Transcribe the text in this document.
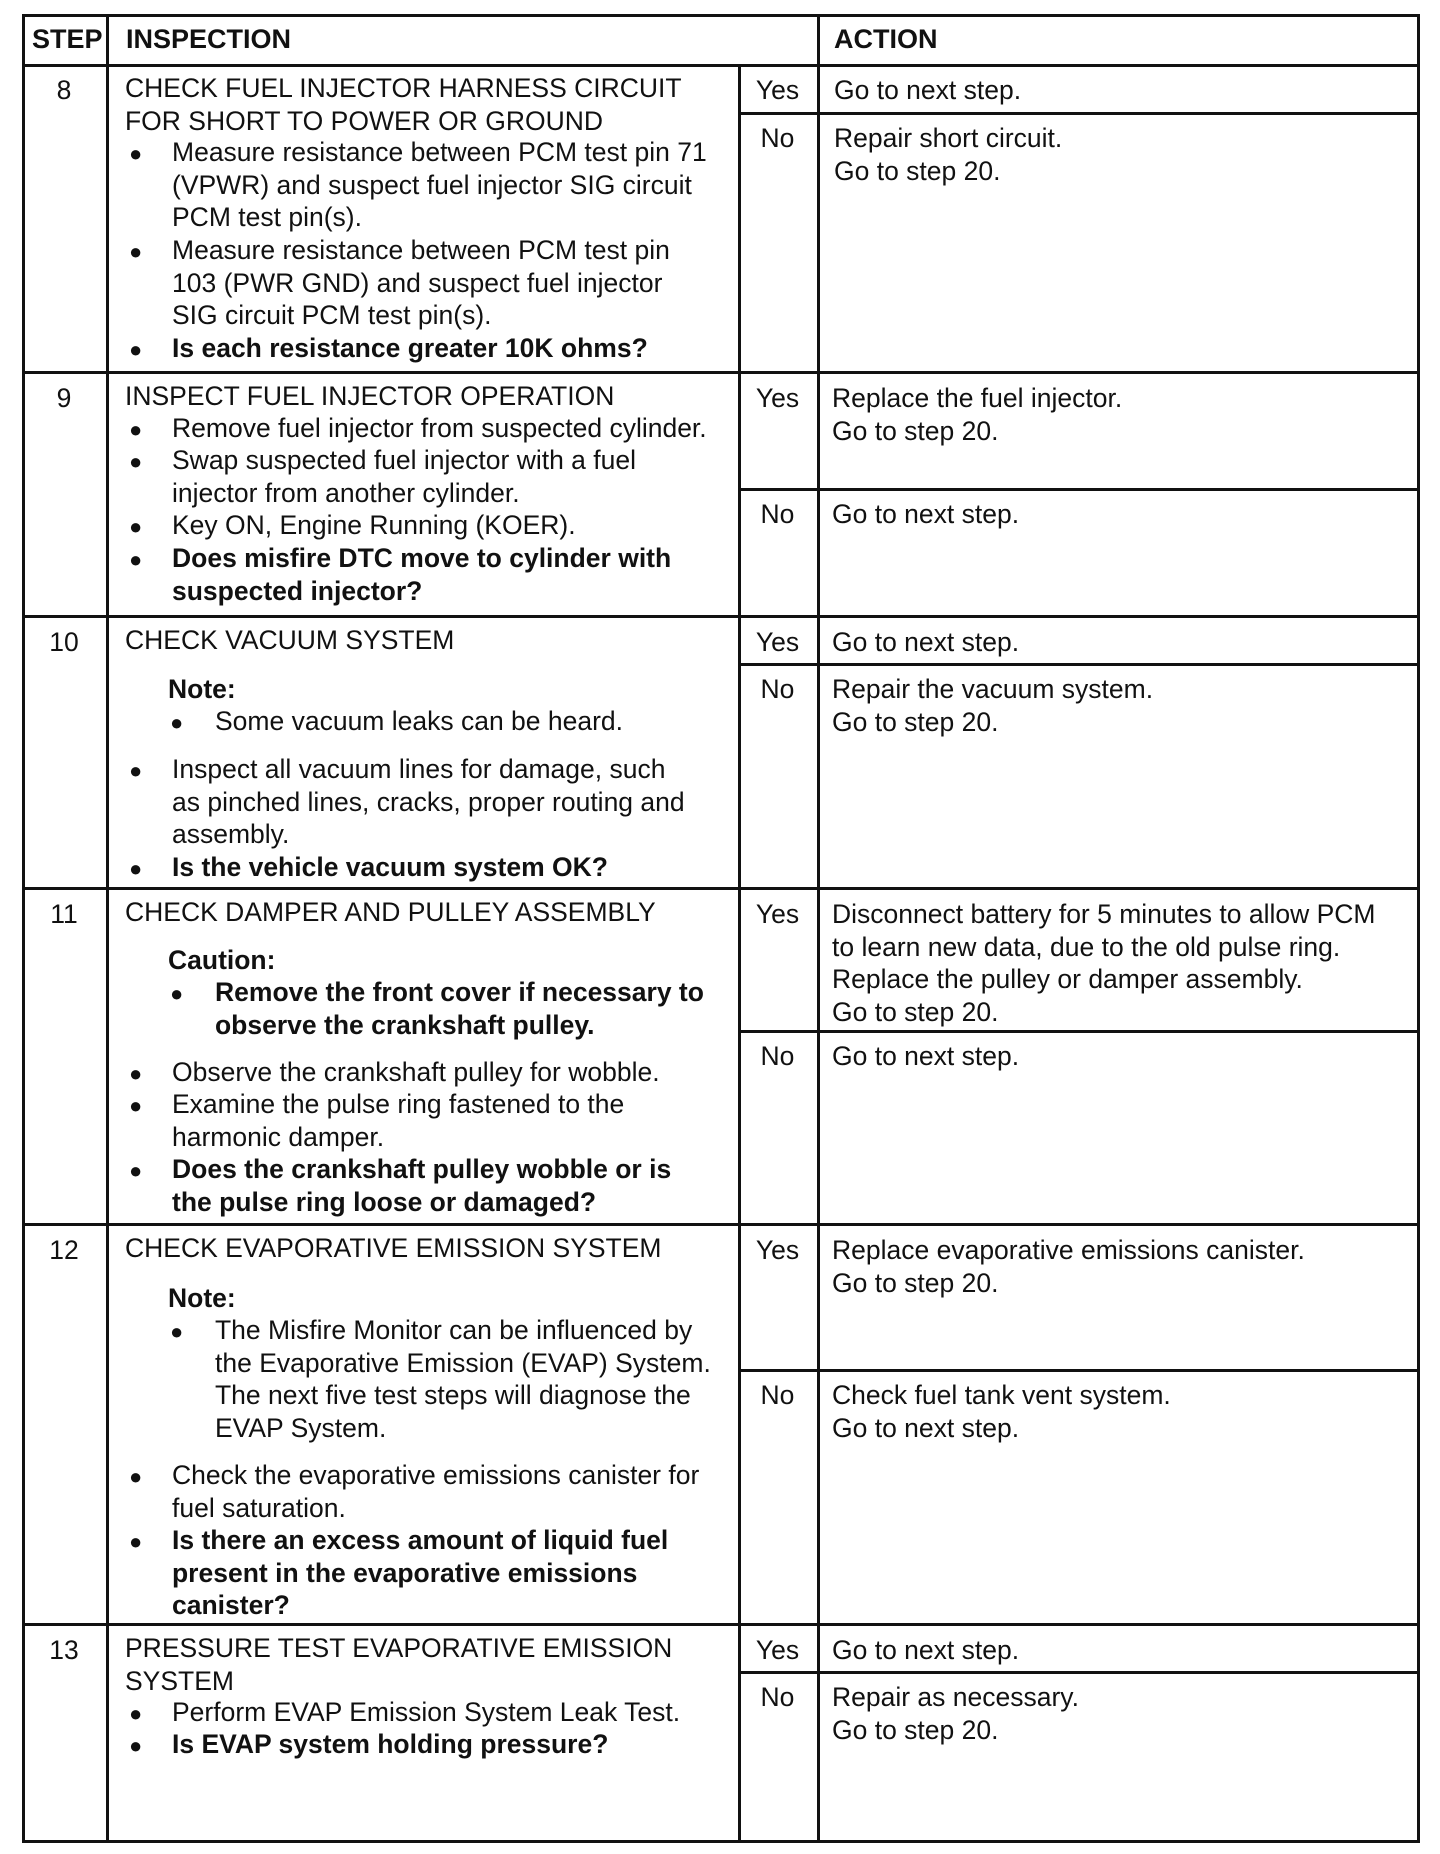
STEP INSPECTION	ACTION
8	CHECK FUEL INJECTOR HARNESS CIRCUIT
FOR SHORT TO POWER OR GROUND
● Measure resistance between PCM test pin 71
(VPWR) and suspect fuel injector SIG circuit
PCM test pin(s).
● Measure resistance between PCM test pin
103 (PWR GND) and suspect fuel injector
SIG circuit PCM test pin(s).
● Is each resistance greater 10K ohms?
Yes	Go to next step.
No	Repair short circuit.
Go to step 20.
9	INSPECT FUEL INJECTOR OPERATION
● Remove fuel injector from suspected cylinder.
● Swap suspected fuel injector with a fuel
injector from another cylinder.
● Key ON, Engine Running (KOER).
● Does misfire DTC move to cylinder with
suspected injector?
Yes	Replace the fuel injector.
Go to step 20.
No	Go to next step.
10	CHECK VACUUM SYSTEM
Note:
● Some vacuum leaks can be heard.
● Inspect all vacuum lines for damage, such
as pinched lines, cracks, proper routing and
assembly.
● Is the vehicle vacuum system OK?
Yes	Go to next step.
No	Repair the vacuum system.
Go to step 20.
11	CHECK DAMPER AND PULLEY ASSEMBLY
Caution:
● Remove the front cover if necessary to
observe the crankshaft pulley.
● Observe the crankshaft pulley for wobble.
● Examine the pulse ring fastened to the
harmonic damper.
● Does the crankshaft pulley wobble or is
the pulse ring loose or damaged?
Yes	Disconnect battery for 5 minutes to allow PCM
to learn new data, due to the old pulse ring.
Replace the pulley or damper assembly.
Go to step 20.
No	Go to next step.
12	CHECK EVAPORATIVE EMISSION SYSTEM
Note:
● The Misfire Monitor can be influenced by
the Evaporative Emission (EVAP) System.
The next five test steps will diagnose the
EVAP System.
● Check the evaporative emissions canister for
fuel saturation.
● Is there an excess amount of liquid fuel
present in the evaporative emissions
canister?
Yes	Replace evaporative emissions canister.
Go to step 20.
No	Check fuel tank vent system.
Go to next step.
13	PRESSURE TEST EVAPORATIVE EMISSION
SYSTEM
● Perform EVAP Emission System Leak Test.
● Is EVAP system holding pressure?
Yes	Go to next step.
No	Repair as necessary.
Go to step 20.
